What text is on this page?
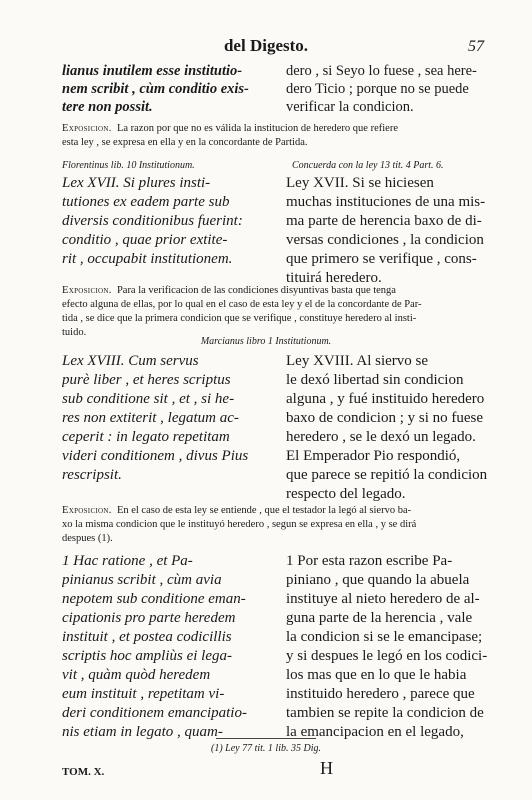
del Digesto.	57
lianus inutilem esse institutio-
nem scribit , cùm conditio exis-
tere non possit.
dero , si Seyo lo fuese , sea here-
dero Ticio ; porque no se puede
verificar la condicion.
Exposicion. La razon por que no es válida la institucion de heredero que refiere
esta ley , se expresa en ella y en la concordante de Partida.
Florentinus lib. 10 Institutionum.	Concuerda con la ley 13 tit. 4 Part. 6.
Lex XVII. Si plures insti-
tutiones ex eadem parte sub
diversis conditionibus fuerint:
conditio , quae prior extite-
rit , occupabit institutionem.
Ley XVII. Si se hiciesen
muchas instituciones de una mis-
ma parte de herencia baxo de di-
versas condiciones , la condicion
que primero se verifique , cons-
tituirá heredero.
Exposicion. Para la verificacion de las condiciones disyuntivas basta que tenga
efecto alguna de ellas, por lo qual en el caso de esta ley y el de la concordante de Par-
tida , se dice que la primera condicion que se verifique , constituye heredero al insti-
tuido.
Marcianus libro 1 Institutionum.
Lex XVIII. Cum servus
purè liber , et heres scriptus
sub conditione sit , et , si he-
res non extiterit , legatum ac-
ceperit : in legato repetitam
videri conditionem , divus Pius
rescripsit.
Ley XVIII. Al siervo se
le dexó libertad sin condicion
alguna , y fué instituido heredero
baxo de condicion ; y si no fuese
heredero , se le dexó un legado.
El Emperador Pio respondió,
que parece se repitió la condicion
respecto del legado.
Exposicion. En el caso de esta ley se entiende , que el testador la legó al siervo ba-
xo la misma condicion que le instituyó heredero , segun se expresa en ella , y se dirá
despues (1).
1 Hac ratione , et Pa-
pinianus scribit , cùm avia
nepotem sub conditione eman-
cipationis pro parte heredem
instituit , et postea codicillis
scriptis hoc ampliùs ei lega-
vit , quàm quòd heredem
eum instituit , repetitam vi-
deri conditionem emancipatio-
nis etiam in legato , quam-
1 Por esta razon escribe Pa-
piniano , que quando la abuela
instituye al nieto heredero de al-
guna parte de la herencia , vale
la condicion si se le emancipase;
y si despues le legó en los codici-
los mas que en lo que le habia
instituido heredero , parece que
tambien se repite la condicion de
la emancipacion en el legado,
(1) Ley 77 tit. 1 lib. 35 Dig.
TOM. X.	H
